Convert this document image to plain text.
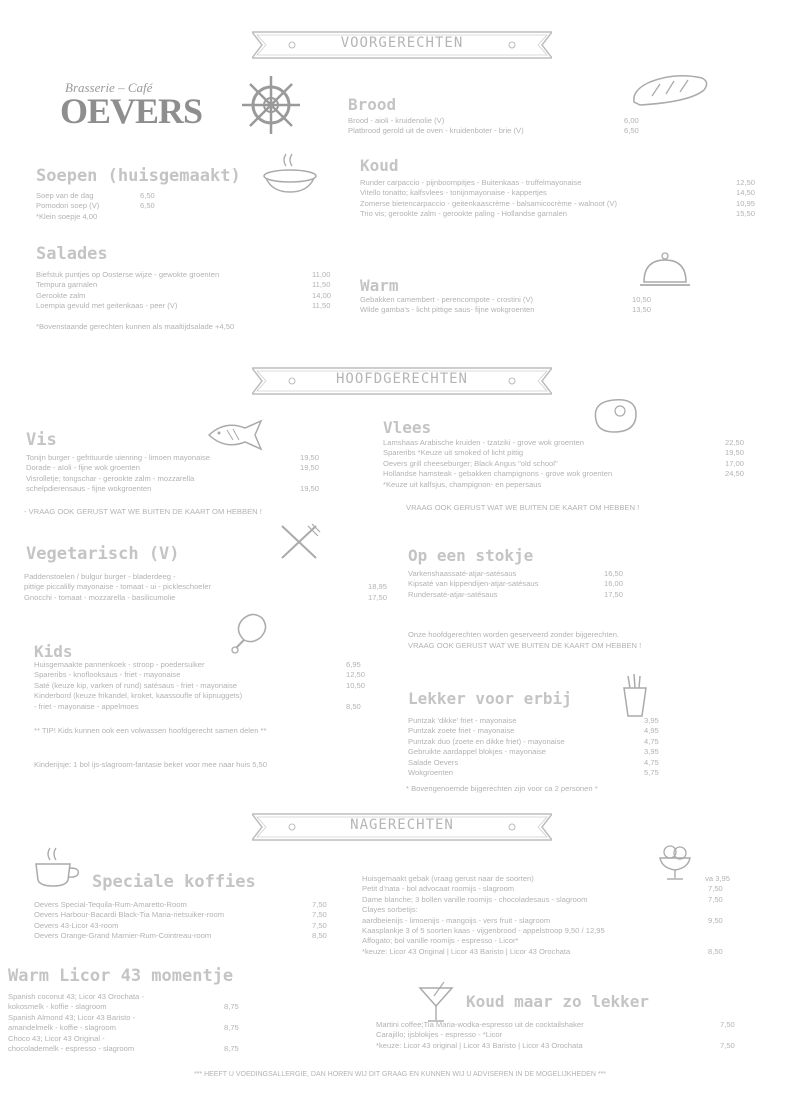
VOORGERECHTEN
HOOFDGERECHTEN
NAGERECHTEN
Brasserie – Café
OEVERS	Brood
Brood - aioli - kruidenolie (V)	6,00
Platbrood gerold uit de oven - kruidenboter - brie (V)	6,50
Soepen (huisgemaakt)
Soep van de dag	6,50
Pomodori soep (V)	6,50
*Klein soepje 4,00
Koud
Runder carpaccio - pijnboompitjes - Buitenkaas - truffelmayonaise	12,50
Vitello tonatto; kalfsvlees - tonijnmayonaise - kappertjes	14,50
Zomerse bietencarpaccio - geitenkaascrème - balsamicocrème - walnoot (V)	10,95
Trio vis; gerookte zalm - gerookte paling - Hollandse garnalen	15,50
Salades
Biefstuk puntjes op Oosterse wijze - gewokte groenten	11,00
Tempura garnalen	11,50
Gerookte zalm	14,00
Loempia gevuld met geitenkaas - peer (V)	11,50
*Bovenstaande gerechten kunnen als maaltijdsalade +4,50
Warm
Gebakken camembert - perencompote - crostini (V)	10,50
Wilde gamba's - licht pittige saus- fijne wokgroenten	13,50
Vis
Tonijn burger - gefrituurde uienring - limoen mayonaise	19,50
Dorade - aïoli - fijne wok groenten	19,50
Visrolletje; tongschar - gerookte zalm - mozzarella
schelpdierensaus - fijne wokgroenten	19,50
- VRAAG OOK GERUST WAT WE BUITEN DE KAART OM HEBBEN !
Vlees
Lamshaas Arabische kruiden - tzatziki - grove wok groenten	22,50
Spareribs *Keuze uit smoked of licht pittig	19,50
Oevers grill cheeseburger; Black Angus "old school"	17,00
Hollandse hamsteak - gebakken champignons - grove wok groenten	24,50
*Keuze uit kalfsjus, champignon- en pepersaus
VRAAG OOK GERUST WAT WE BUITEN DE KAART OM HEBBEN !
Vegetarisch (V)
Paddenstoelen / bulgur burger - bladerdeeg -
pittige piccalilly mayonaise - tomaat - ui - pickleschoeler	18,95
Gnocchi - tomaat - mozzarella - basilicumolie	17,50
Op een stokje
Varkenshaassaté-atjar-satésaus	16,50
Kipsaté van kippendijen-atjar-satésaus	16,00
Rundersaté-atjar-satésaus	17,50
Onze hoofdgerechten worden geserveerd zonder bijgerechten.
VRAAG OOK GERUST WAT WE BUITEN DE KAART OM HEBBEN !
Kids
Huisgemaakte pannenkoek - stroop - poedersuiker	6,95
Spareribs - knoflooksaus - friet - mayonaise	12,50
Saté (keuze kip, varken of rund) satésaus - friet - mayonaise	10,50
Kinderbord (keuze frikandel, kroket, kaassoufle of kipnuggets)
- friet - mayonaise - appelmoes	8,50
** TIP! Kids kunnen ook een volwassen hoofdgerecht samen delen **
Kinderijsje: 1 bol ijs-slagroom-fantasie beker voor mee naar huis 5,50
Lekker voor erbij
Puntzak 'dikke' friet - mayonaise	3,95
Puntzak zoete friet - mayonaise	4,95
Puntzak duo (zoete en dikke friet) - mayonaise	4,75
Gebruikte aardappel blokjes - mayonaise	3,95
Salade Oevers	4,75
Wokgroenten	5,75
* Bovengenoemde bijgerechten zijn voor ca 2 personen *
Huisgemaakt gebak (vraag gerust naar de soorten)	va 3,95
Petit d'nata - bol advocaat roomijs - slagroom	7,50
Dame blanche; 3 bollen vanille roomijs - chocoladesaus - slagroom	7,50
Clayes sorbetijs:
aardbeienijs - limoenijs - mangoijs - vers fruit - slagroom	9,50
Kaasplankje 3 of 5 soorten kaas - vijgenbrood - appelstroop 9,50 / 12,95
Affogato; bol vanille roomijs - espresso - Licor*
*keuze: Licor 43 Original | Licor 43 Baristo | Licor 43 Orochata	8,50
Speciale koffies
Oevers Special-Tequila-Rum-Amaretto-Room	7,50
Oevers Harbour-Bacardi Black-Tia Maria-rietsuiker-room	7,50
Oevers 43-Licor 43-room	7,50
Oevers Orange-Grand Marnier-Rum-Cointreau-room	8,50
Warm Licor 43 momentje
Spanish coconut 43; Licor 43 Orochata -
kokosmelk - koffie - slagroom	8,75
Spanish Almond 43; Licor 43 Baristo -
amandelmelk - koffie - slagroom	8,75
Choco 43; Licor 43 Original -
chocolademelk - espresso - slagroom	8,75
Koud maar zo lekker
Martini coffee;Tia Maria-wodka-espresso uit de cocktailshaker	7,50
Carajillo; ijsblokjes - espresso - *Licor
*keuze: Licor 43 original | Licor 43 Baristo | Licor 43 Orochata	7,50
*** HEEFT U VOEDINGSALLERGIE, DAN HOREN WIJ DIT GRAAG EN KUNNEN WIJ U ADVISEREN IN DE MOGELIJKHEDEN ***
